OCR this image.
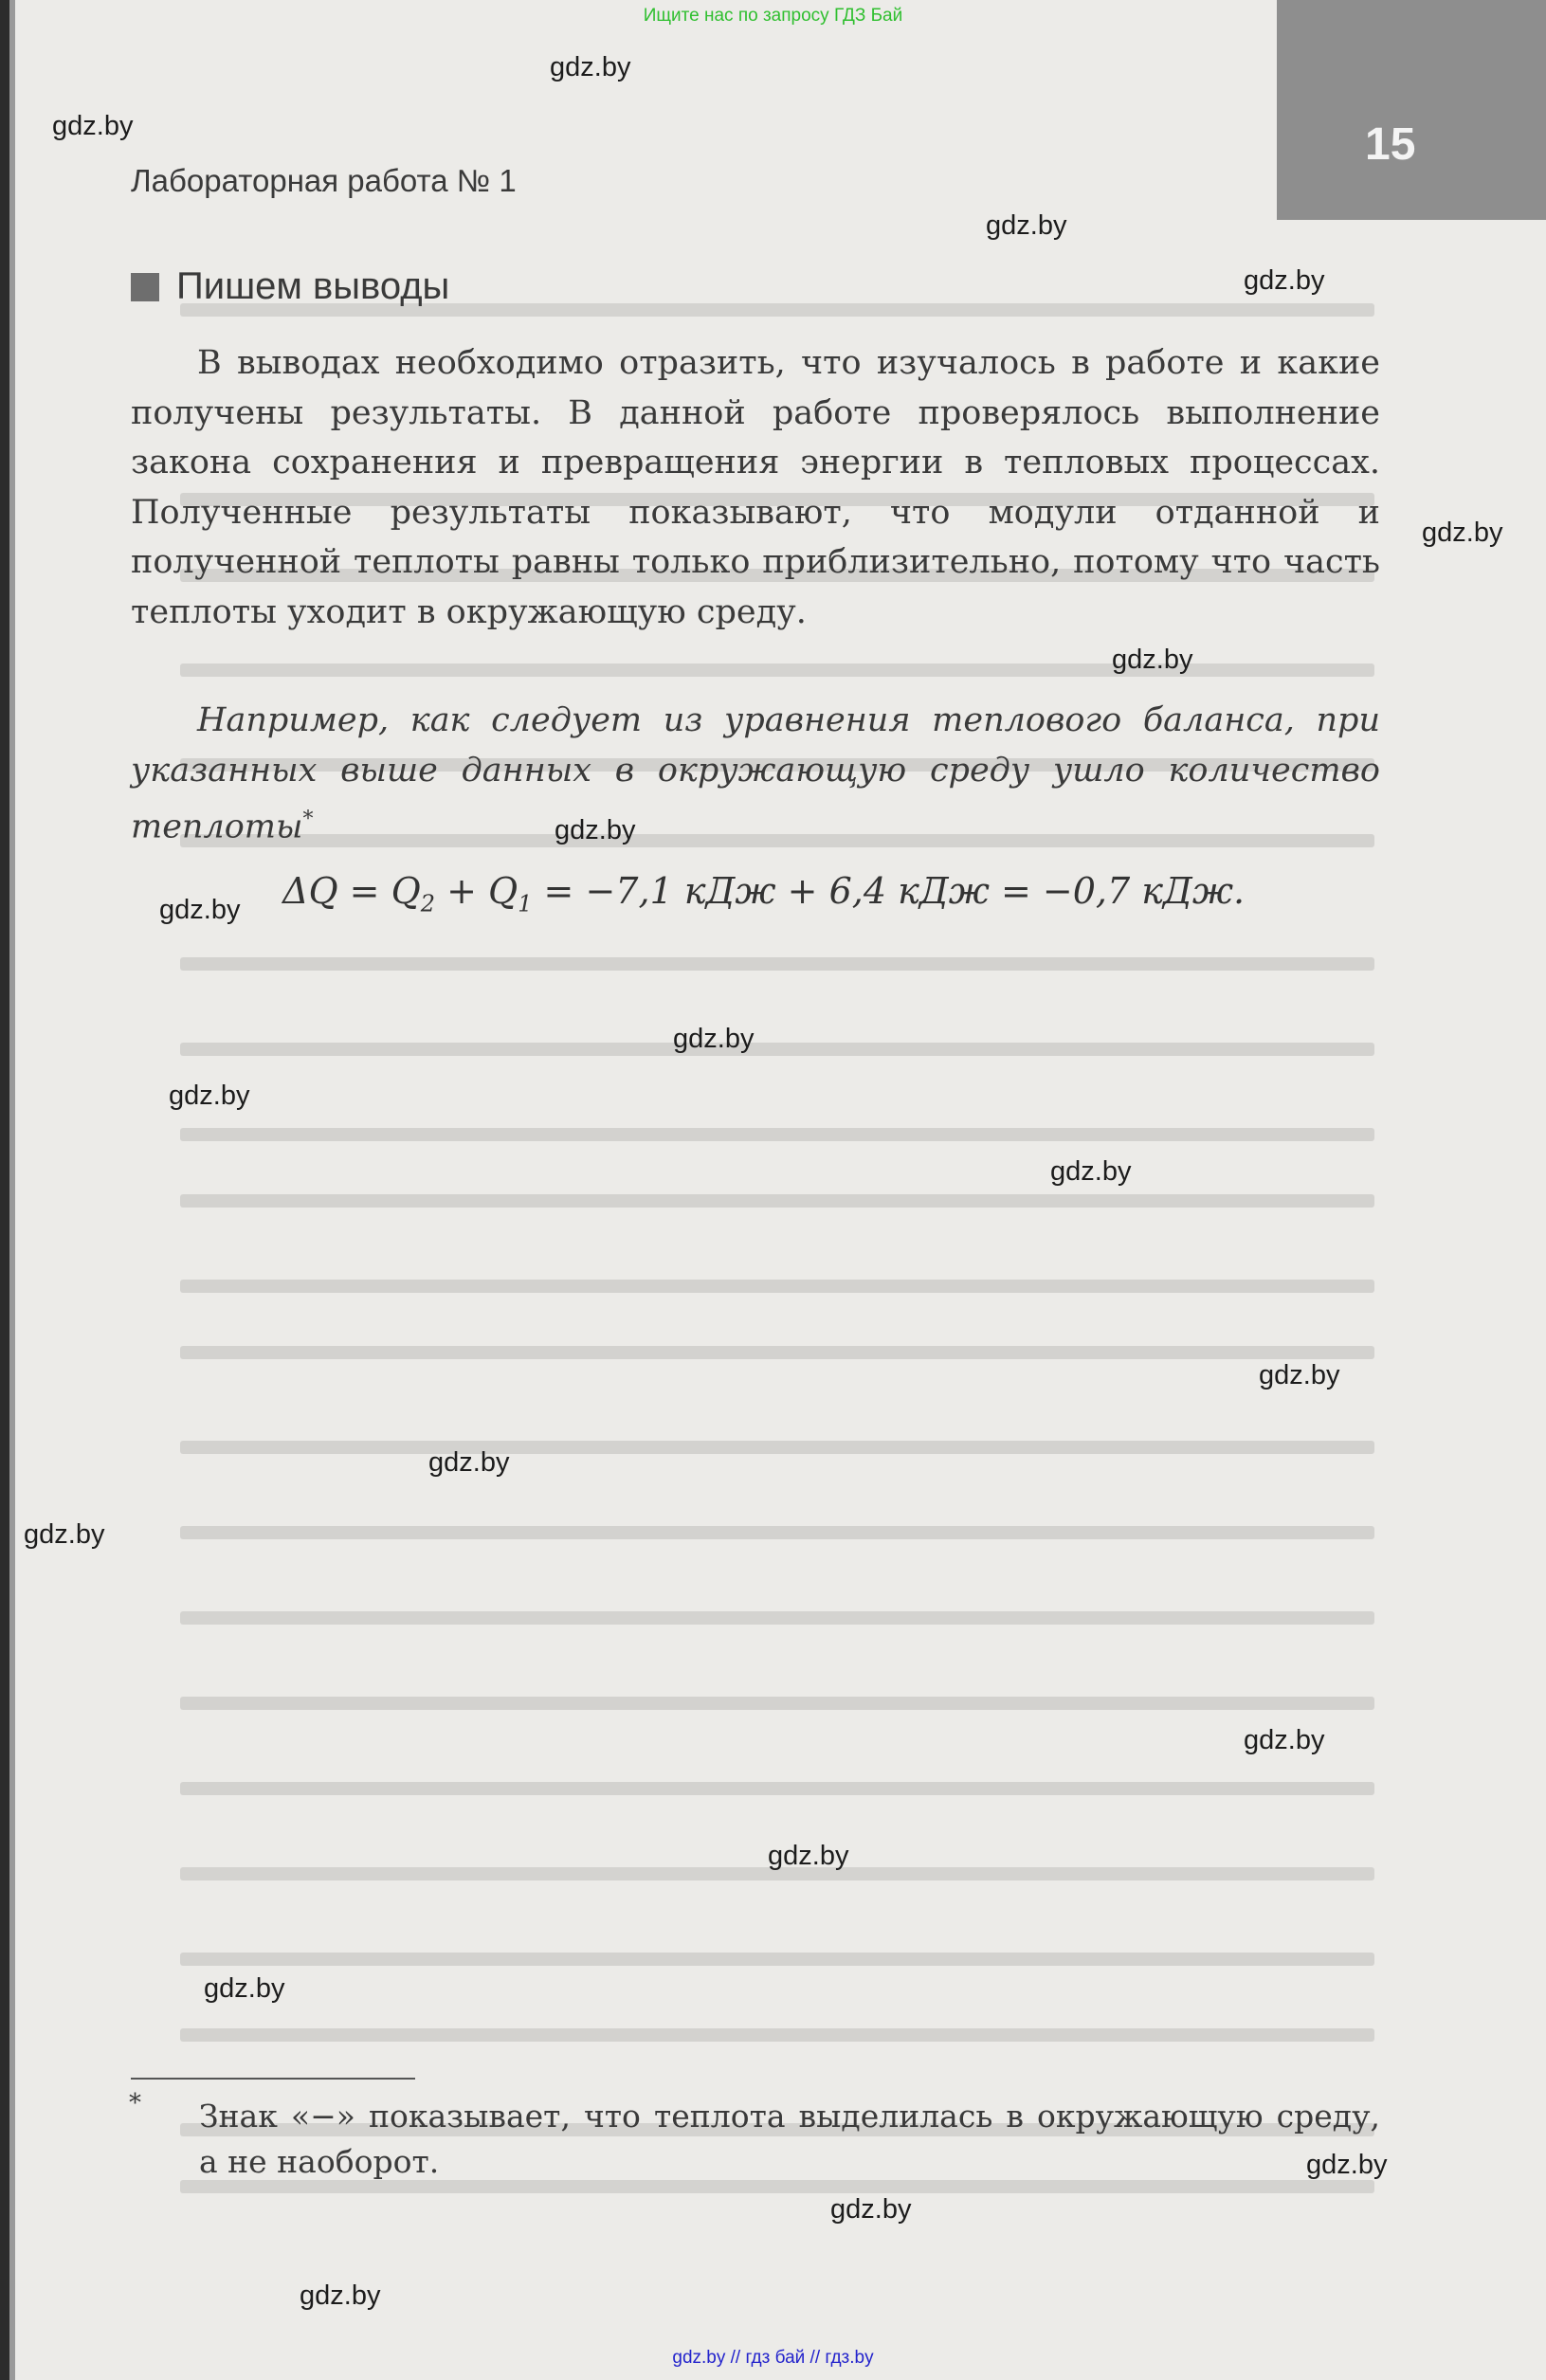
Ищите нас по запросу ГДЗ Бай
15
Лабораторная работа № 1
Пишем выводы
В выводах необходимо отразить, что изучалось в работе и какие получены результаты. В данной работе проверялось выполнение закона сохранения и превращения энергии в тепловых процессах. Полученные результаты показывают, что модули отданной и полученной теплоты равны только приблизительно, потому что часть теплоты уходит в окружающую среду.
Например, как следует из уравнения теплового баланса, при указанных выше данных в окружающую среду ушло количество теплоты*
$\Delta Q = Q_2 + Q_1 = -7,1$ кДж + 6,4 кДж = −0,7 кДж.
* Знак «−» показывает, что теплота выделилась в окружающую среду, а не наоборот.
gdz.by
gdz.by
gdz.by
gdz.by
gdz.by
gdz.by
gdz.by
gdz.by
gdz.by
gdz.by
gdz.by
gdz.by
gdz.by
gdz.by
gdz.by
gdz.by
gdz.by
gdz.by
gdz.by
gdz.by
gdz.by // гдз бай // гдз.by
